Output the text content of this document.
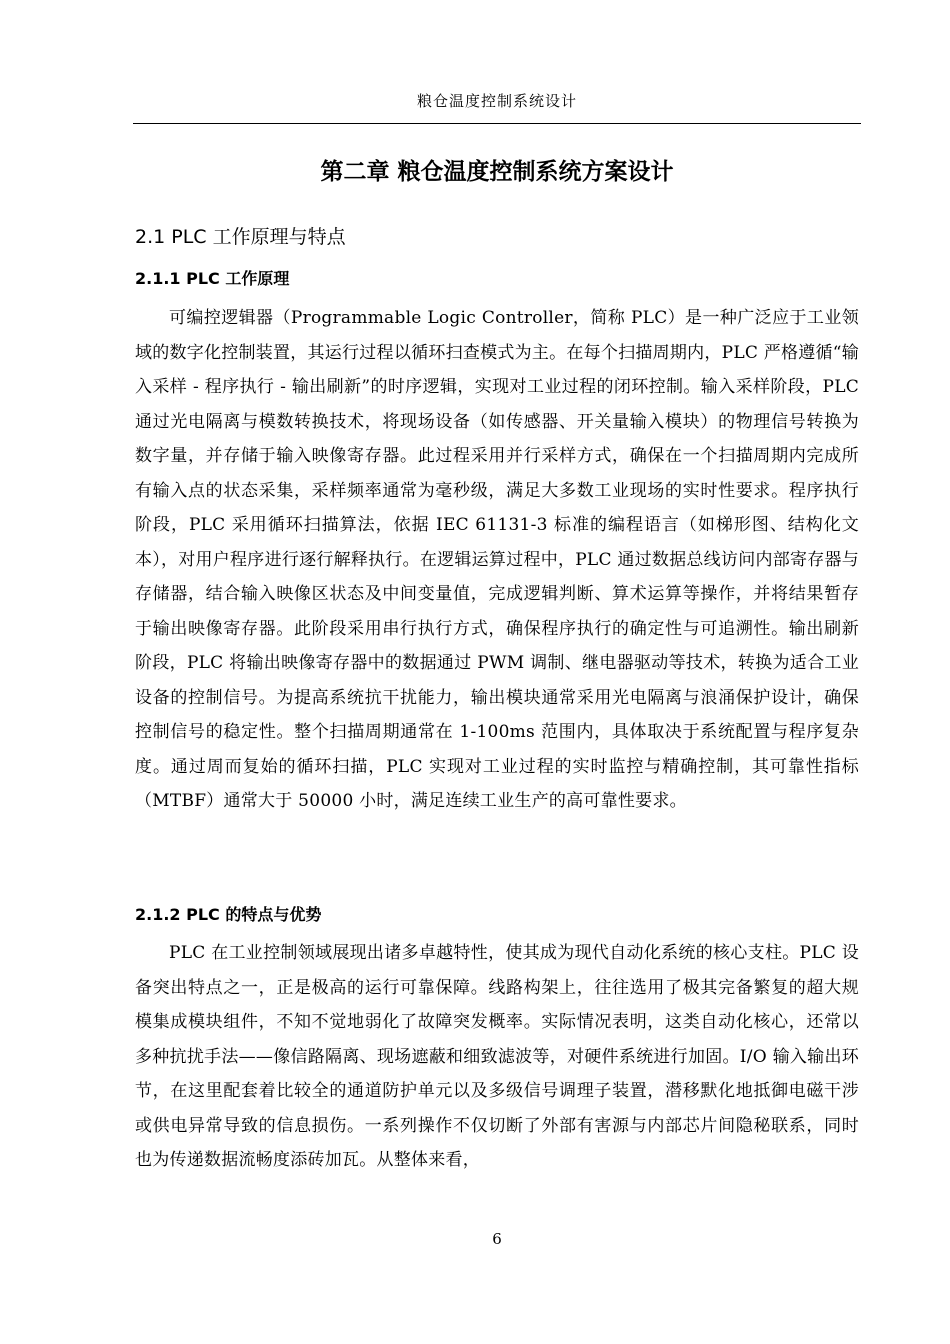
粮仓温度控制系统设计
第二章 粮仓温度控制系统方案设计
2.1 PLC 工作原理与特点
2.1.1 PLC 工作原理

可编控逻辑器（Programmable Logic Controller，简称 PLC）是一种广泛应于工业领域的数字化控制装置，其运行过程以循环扫查模式为主。在每个扫描周期内，PLC 严格遵循“输入采样 - 程序执行 - 输出刷新”的时序逻辑，实现对工业过程的闭环控制。输入采样阶段，PLC 通过光电隔离与模数转换技术，将现场设备（如传感器、开关量输入模块）的物理信号转换为数字量，并存储于输入映像寄存器。此过程采用并行采样方式，确保在一个扫描周期内完成所有输入点的状态采集，采样频率通常为毫秒级，满足大多数工业现场的实时性要求。程序执行阶段，PLC 采用循环扫描算法，依据 IEC 61131-3 标准的编程语言（如梯形图、结构化文本），对用户程序进行逐行解释执行。在逻辑运算过程中，PLC 通过数据总线访问内部寄存器与存储器，结合输入映像区状态及中间变量值，完成逻辑判断、算术运算等操作，并将结果暂存于输出映像寄存器。此阶段采用串行执行方式，确保程序执行的确定性与可追溯性。输出刷新阶段，PLC 将输出映像寄存器中的数据通过 PWM 调制、继电器驱动等技术，转换为适合工业设备的控制信号。为提高系统抗干扰能力，输出模块通常采用光电隔离与浪涌保护设计，确保控制信号的稳定性。整个扫描周期通常在 1-100ms 范围内，具体取决于系统配置与程序复杂度。通过周而复始的循环扫描，PLC 实现对工业过程的实时监控与精确控制，其可靠性指标（MTBF）通常大于 50000 小时，满足连续工业生产的高可靠性要求。

2.1.2 PLC 的特点与优势

PLC 在工业控制领域展现出诸多卓越特性，使其成为现代自动化系统的核心支柱。PLC 设备突出特点之一，正是极高的运行可靠保障。线路构架上，往往选用了极其完备繁复的超大规模集成模块组件，不知不觉地弱化了故障突发概率。实际情况表明，这类自动化核心，还常以多种抗扰手法——像信路隔离、现场遮蔽和细致滤波等，对硬件系统进行加固。I/O 输入输出环节，在这里配套着比较全的通道防护单元以及多级信号调理子装置，潜移默化地抵御电磁干涉或供电异常导致的信息损伤。一系列操作不仅切断了外部有害源与内部芯片间隐秘联系，同时也为传递数据流畅度添砖加瓦。从整体来看，

6
